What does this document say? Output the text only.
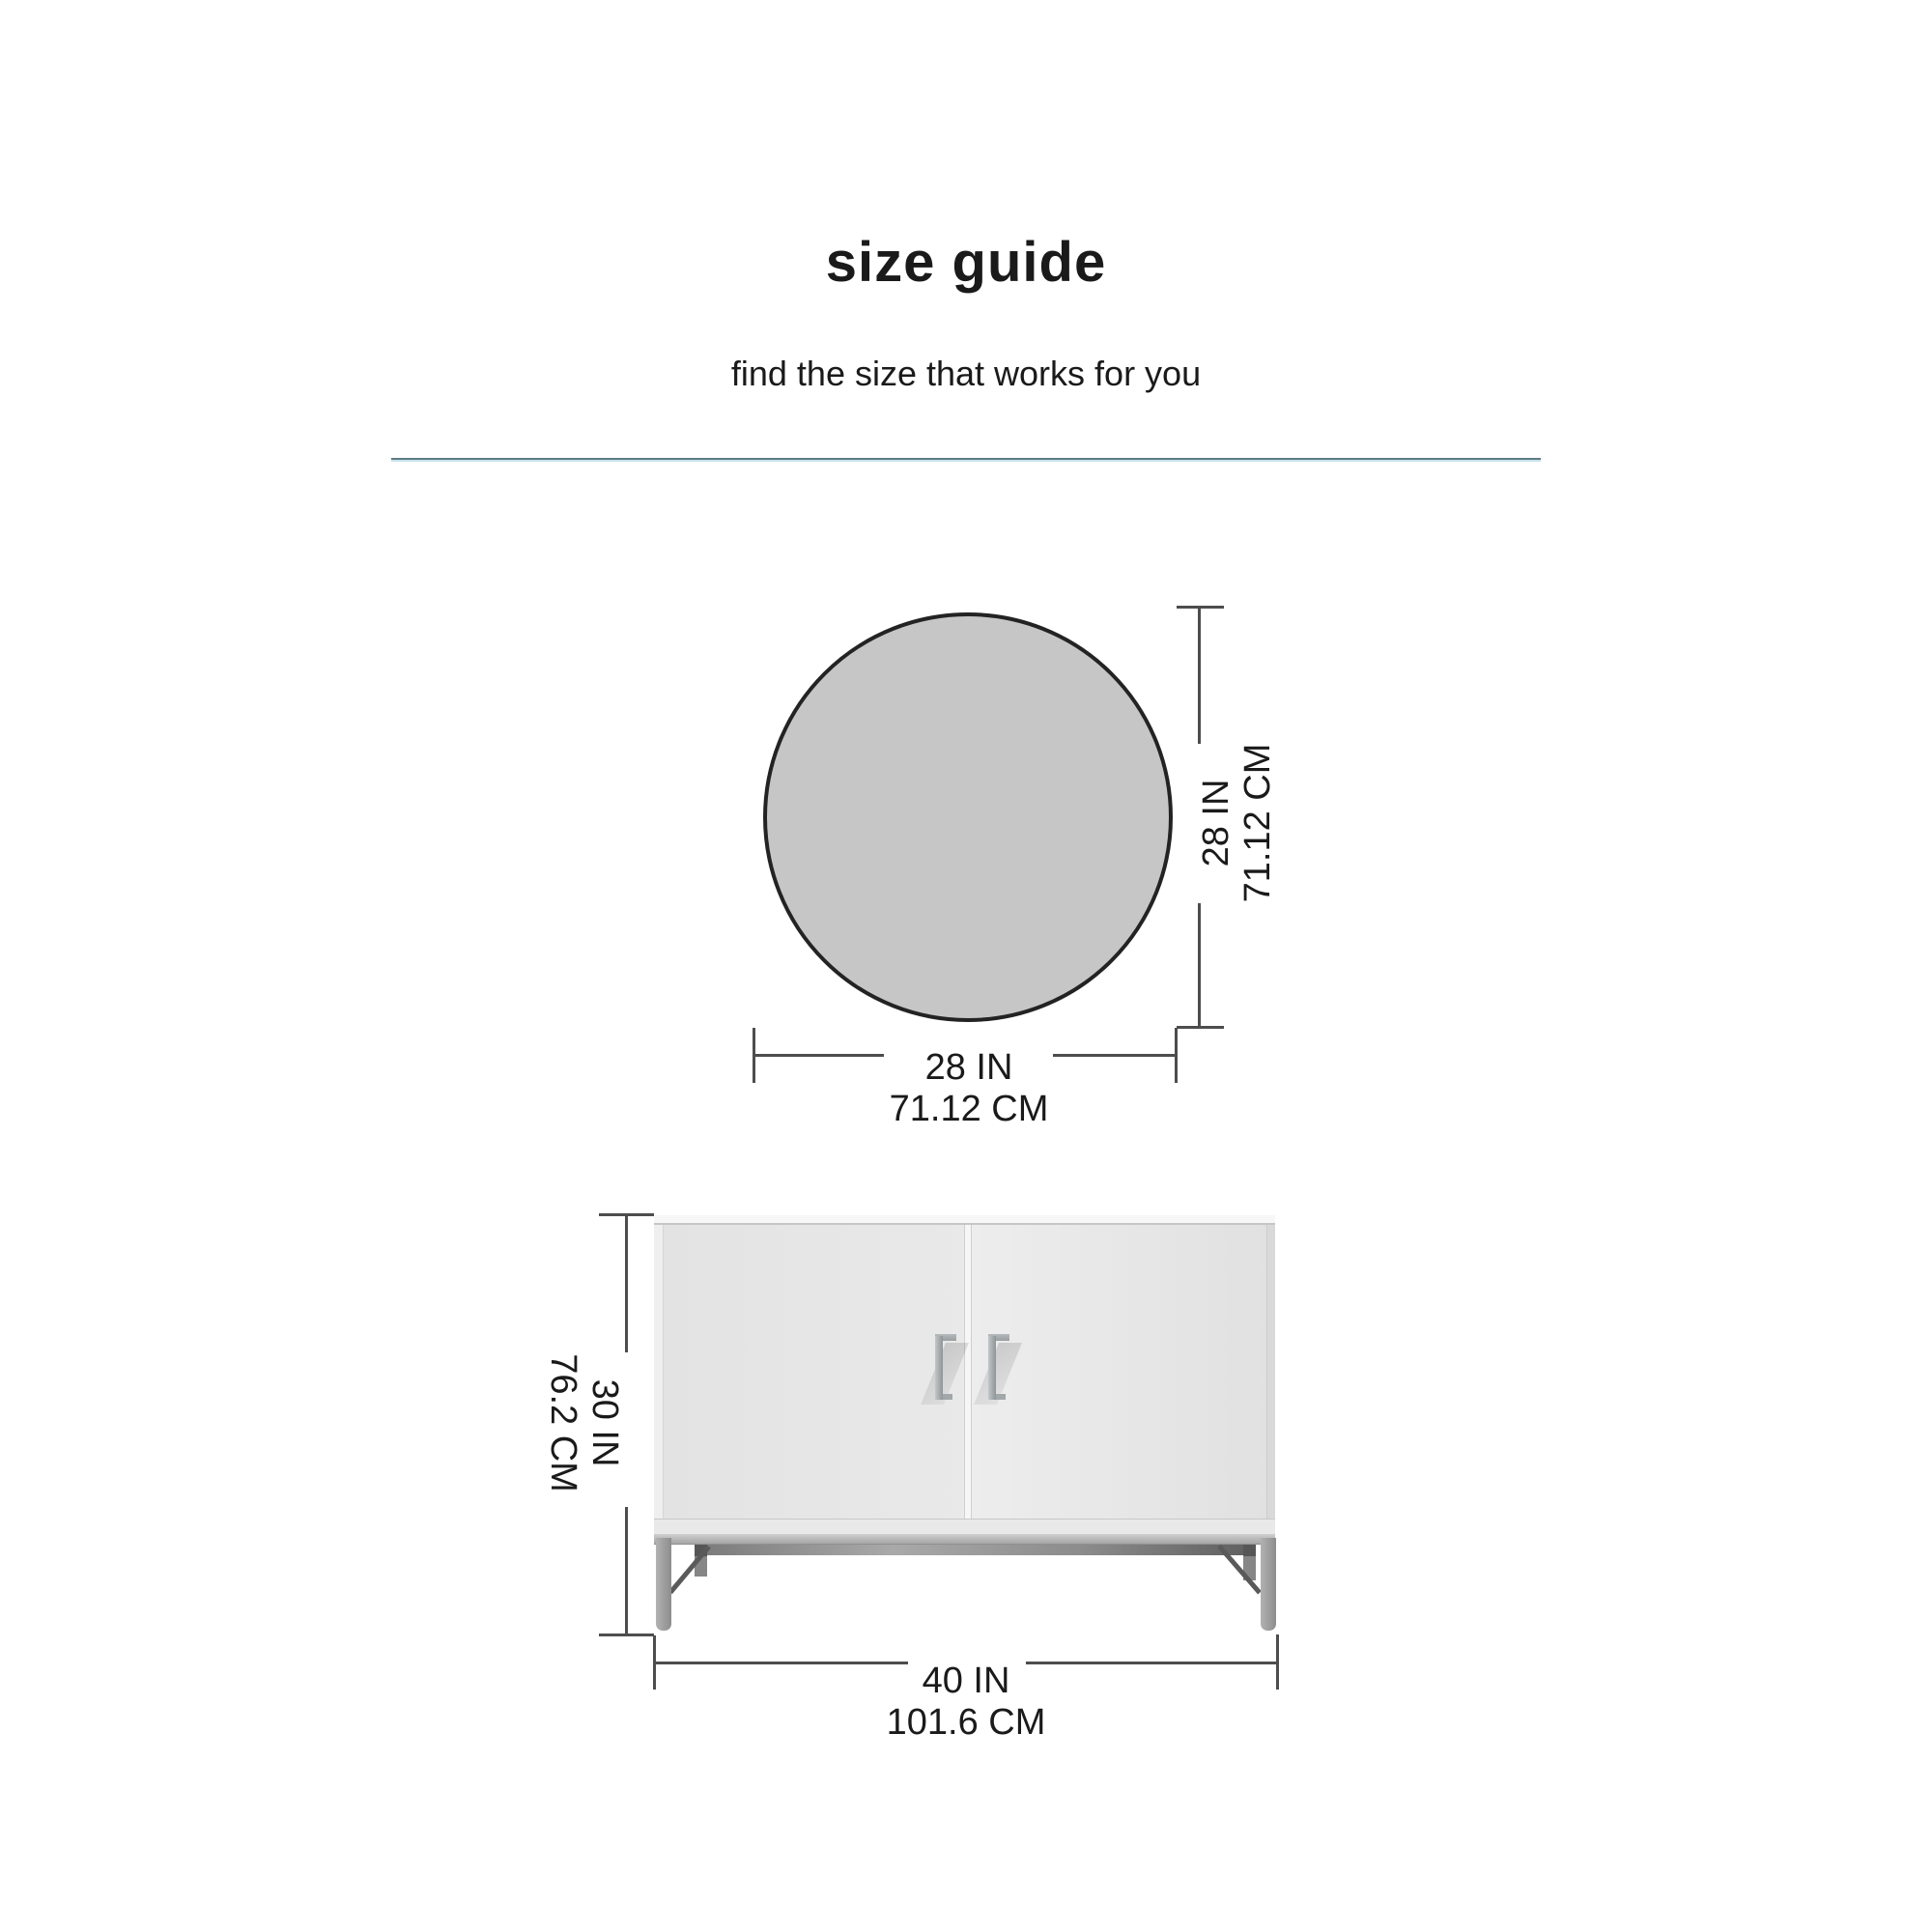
size guide
find the size that works for you
28 IN 71.12 CM
28 IN
71.12 CM
30 IN
76.2 CM
40 IN
101.6 CM
